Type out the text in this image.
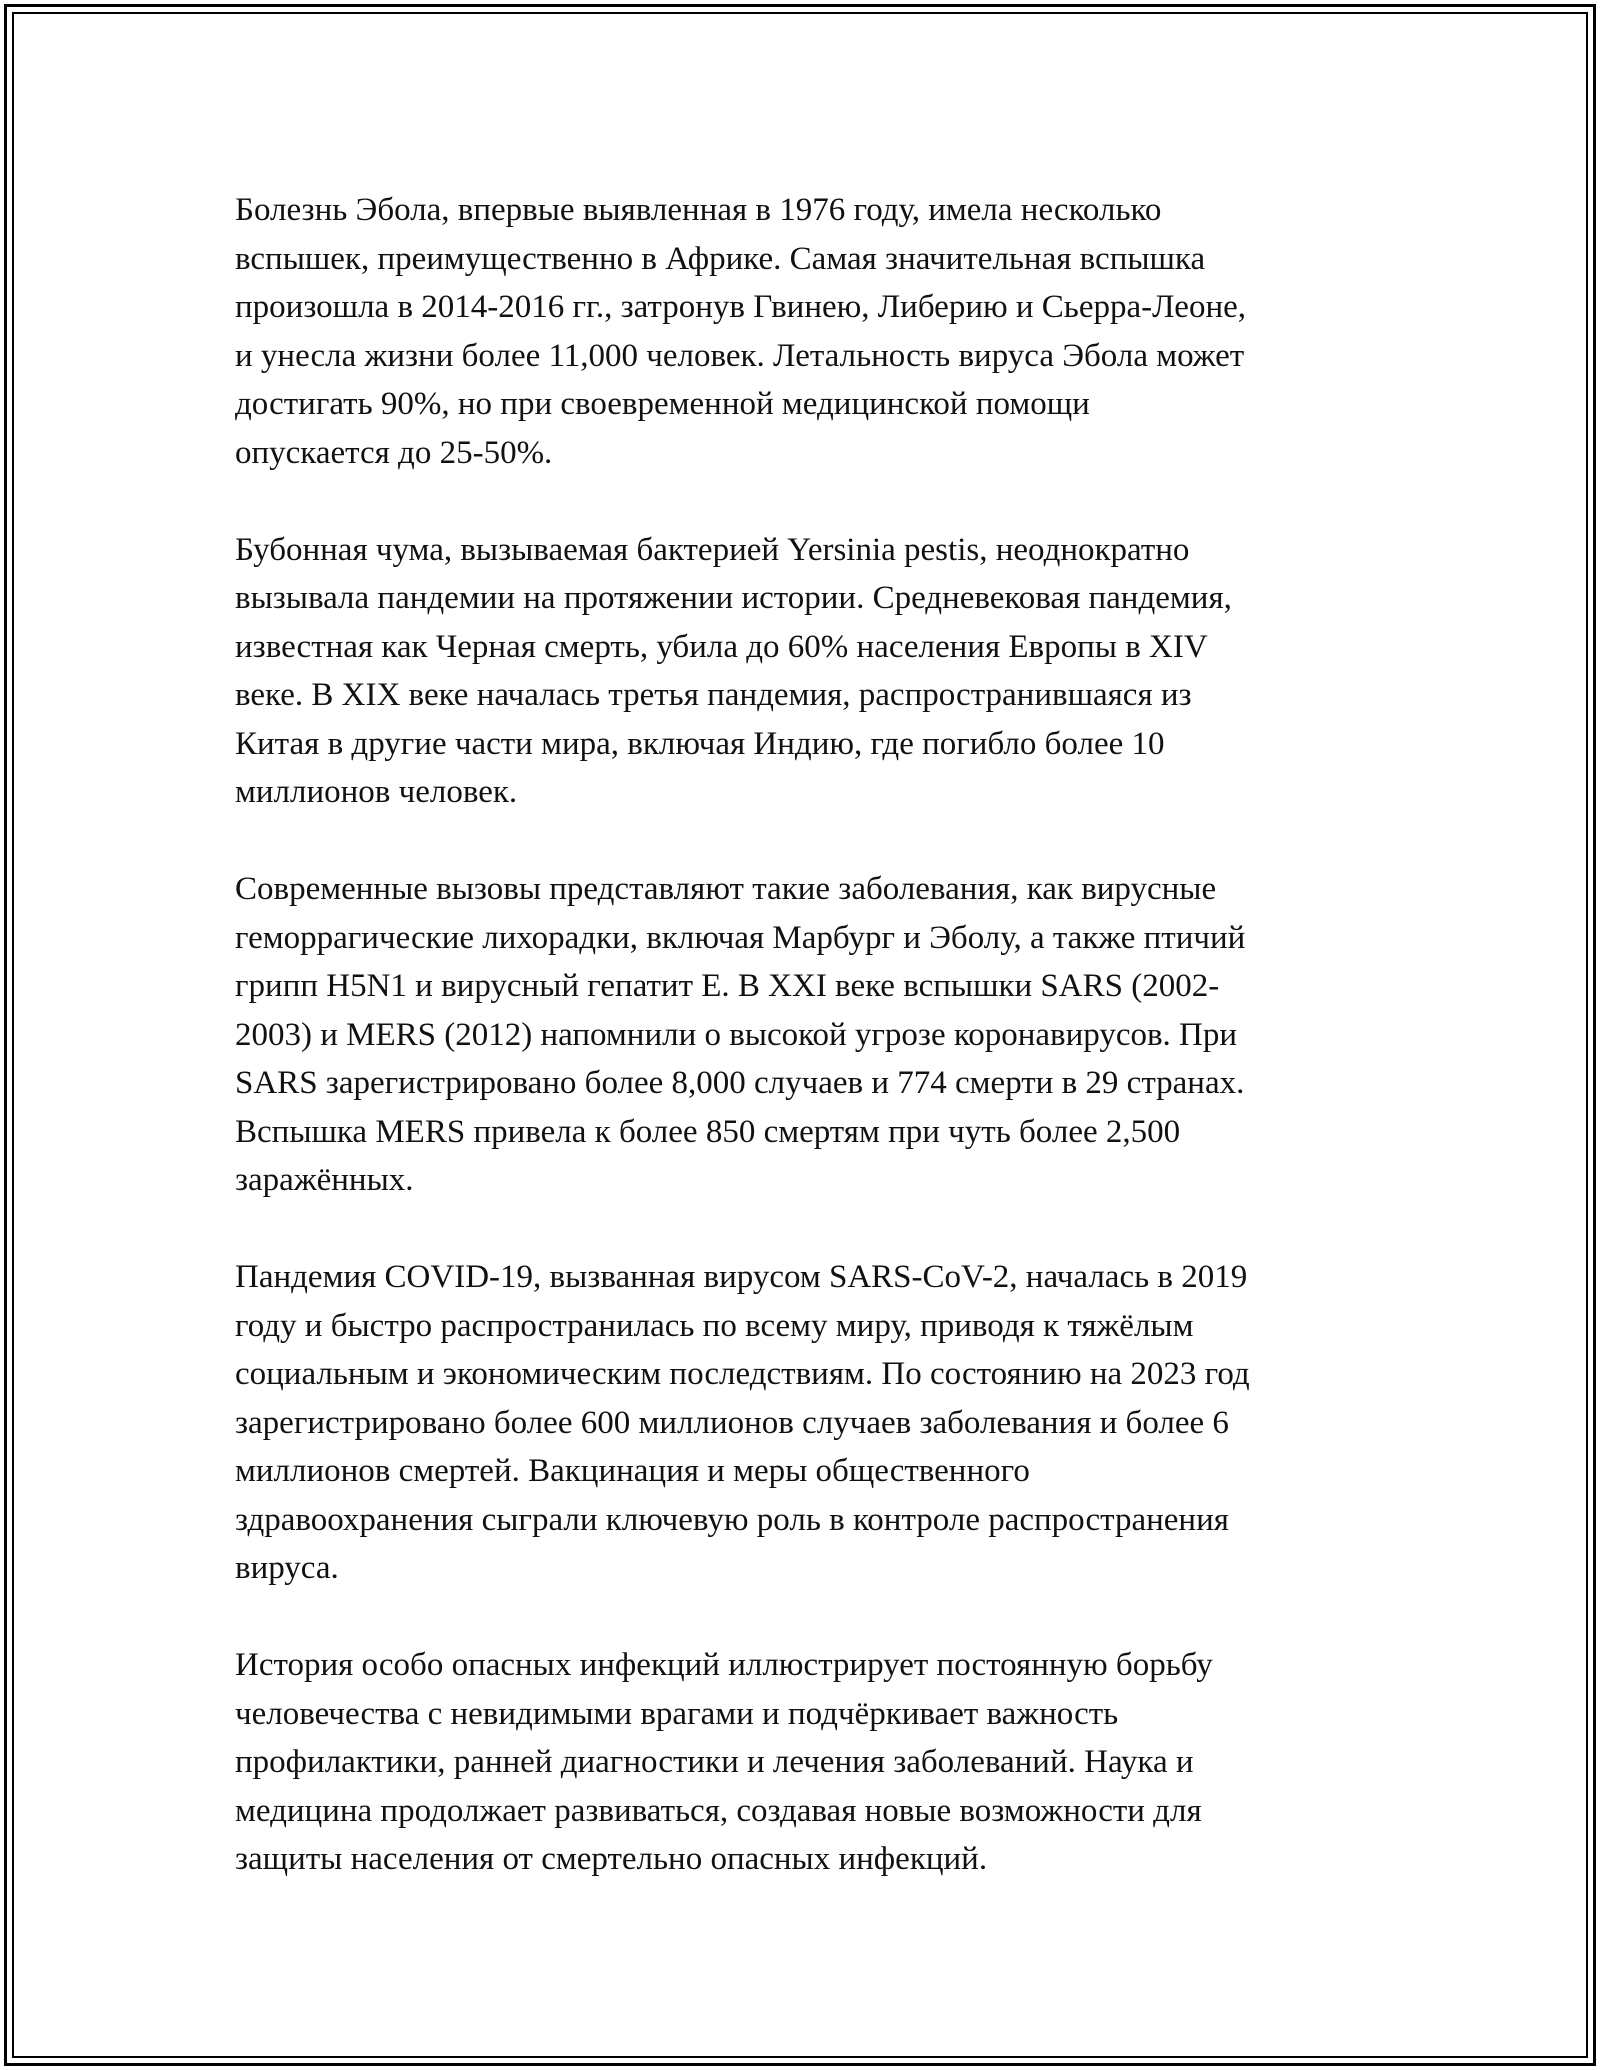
Болезнь Эбола, впервые выявленная в 1976 году, имела несколько
вспышек, преимущественно в Африке. Самая значительная вспышка
произошла в 2014-2016 гг., затронув Гвинею, Либерию и Сьерра-Леоне,
и унесла жизни более 11,000 человек. Летальность вируса Эбола может
достигать 90%, но при своевременной медицинской помощи
опускается до 25-50%.

Бубонная чума, вызываемая бактерией Yersinia pestis, неоднократно
вызывала пандемии на протяжении истории. Средневековая пандемия,
известная как Черная смерть, убила до 60% населения Европы в XIV
веке. В XIX веке началась третья пандемия, распространившаяся из
Китая в другие части мира, включая Индию, где погибло более 10
миллионов человек.

Современные вызовы представляют такие заболевания, как вирусные
геморрагические лихорадки, включая Марбург и Эболу, а также птичий
грипп H5N1 и вирусный гепатит E. В XXI веке вспышки SARS (2002-
2003) и MERS (2012) напомнили о высокой угрозе коронавирусов. При
SARS зарегистрировано более 8,000 случаев и 774 смерти в 29 странах.
Вспышка MERS привела к более 850 смертям при чуть более 2,500
заражённых.

Пандемия COVID-19, вызванная вирусом SARS-CoV-2, началась в 2019
году и быстро распространилась по всему миру, приводя к тяжёлым
социальным и экономическим последствиям. По состоянию на 2023 год
зарегистрировано более 600 миллионов случаев заболевания и более 6
миллионов смертей. Вакцинация и меры общественного
здравоохранения сыграли ключевую роль в контроле распространения
вируса.

История особо опасных инфекций иллюстрирует постоянную борьбу
человечества с невидимыми врагами и подчёркивает важность
профилактики, ранней диагностики и лечения заболеваний. Наука и
медицина продолжает развиваться, создавая новые возможности для
защиты населения от смертельно опасных инфекций.
